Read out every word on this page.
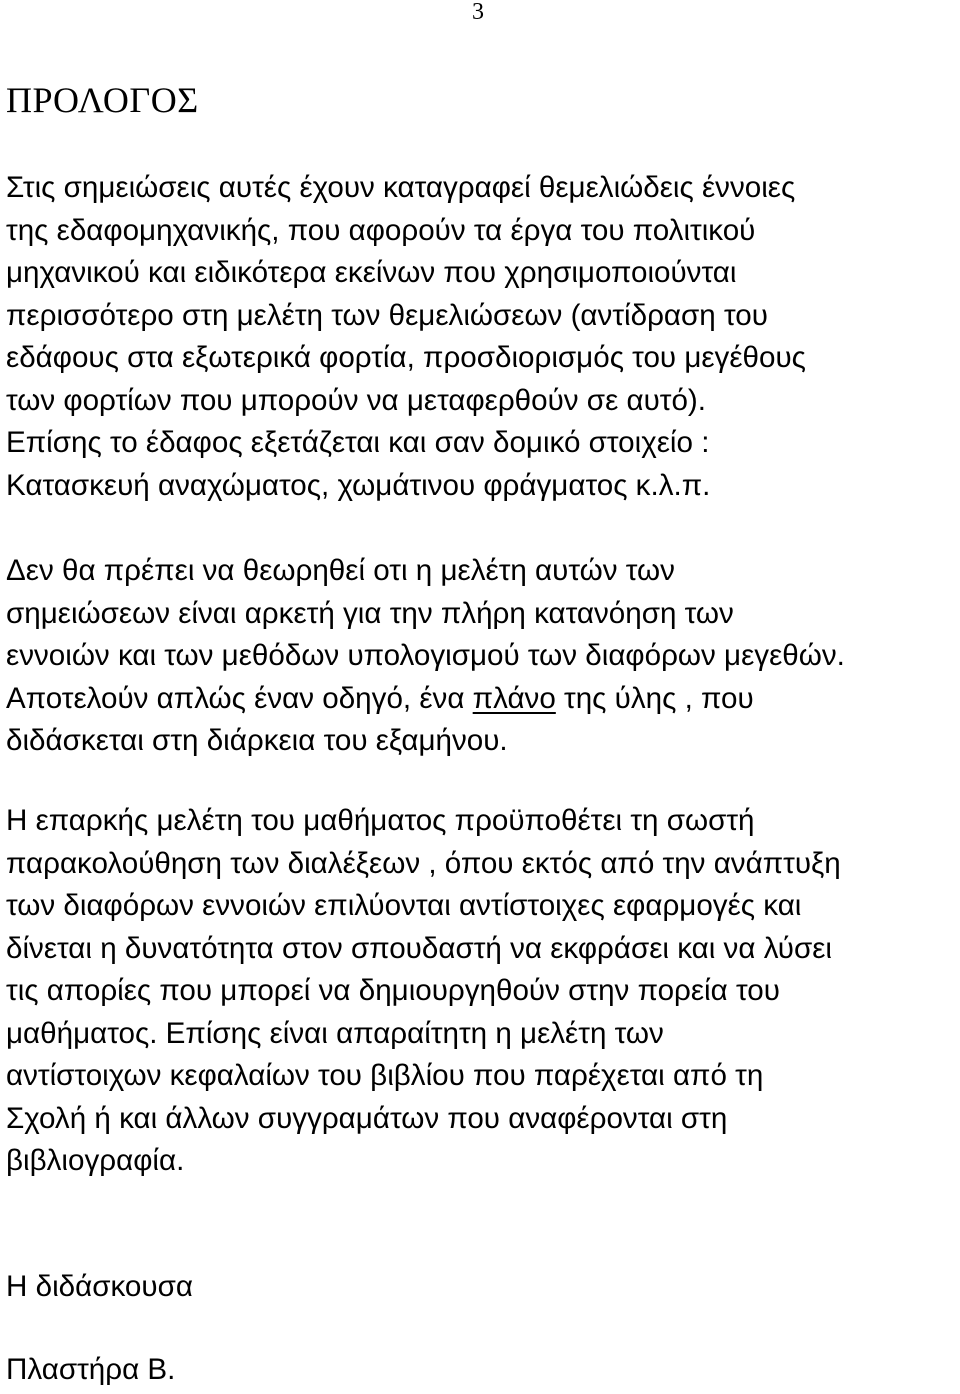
3
ΠΡΟΛΟΓΟΣ
Στις σημειώσεις αυτές έχουν καταγραφεί θεμελιώδεις έννοιες
της εδαφομηχανικής, που αφορούν τα έργα του πολιτικού
μηχανικού και ειδικότερα εκείνων που χρησιμοποιούνται
περισσότερο στη μελέτη των θεμελιώσεων (αντίδραση του
εδάφους στα εξωτερικά φορτία, προσδιορισμός του μεγέθους
των φορτίων που μπορούν να μεταφερθούν σε αυτό).
Επίσης το έδαφος εξετάζεται και σαν δομικό στοιχείο :
Κατασκευή αναχώματος, χωμάτινου φράγματος κ.λ.π.
Δεν θα πρέπει να θεωρηθεί οτι η μελέτη αυτών των
σημειώσεων είναι αρκετή για την πλήρη κατανόηση των
εννοιών και των μεθόδων υπολογισμού των διαφόρων μεγεθών.
Αποτελούν απλώς έναν οδηγό, ένα πλάνο της ύλης , που
διδάσκεται στη διάρκεια του εξαμήνου.
Η επαρκής μελέτη του μαθήματος προϋποθέτει τη σωστή
παρακολούθηση των διαλέξεων , όπου εκτός από την ανάπτυξη
των διαφόρων εννοιών επιλύονται αντίστοιχες εφαρμογές και
δίνεται η δυνατότητα στον σπουδαστή να εκφράσει και να λύσει
τις απορίες που μπορεί να δημιουργηθούν στην πορεία του
μαθήματος. Επίσης είναι απαραίτητη η μελέτη των
αντίστοιχων κεφαλαίων του βιβλίου που παρέχεται από τη
Σχολή ή και άλλων συγγραμάτων που αναφέρονται στη
βιβλιογραφία.
Η διδάσκουσα
Πλαστήρα Β.
